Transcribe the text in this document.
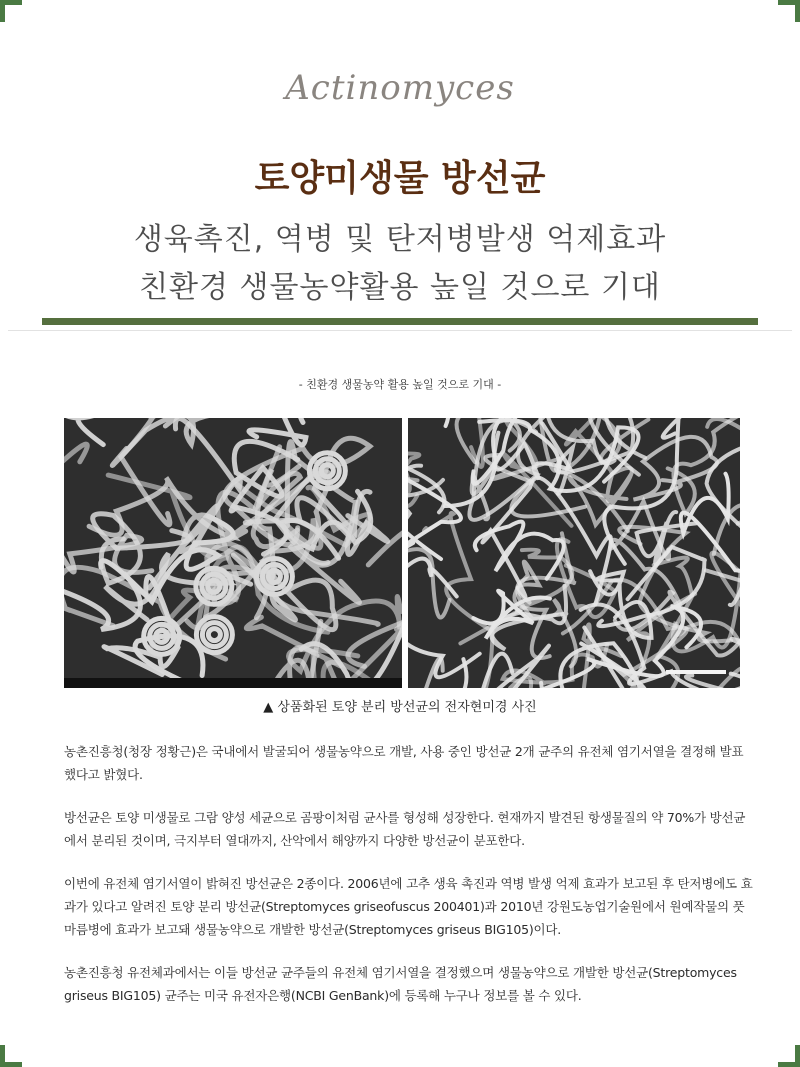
Actinomyces
토양미생물 방선균
생육촉진, 역병 및 탄저병발생 억제효과
친환경 생물농약활용 높일 것으로 기대
- 친환경 생물농약 활용 높일 것으로 기대 -
▲ 상품화된 토양 분리 방선균의 전자현미경 사진

농촌진흥청(청장 정황근)은 국내에서 발굴되어 생물농약으로 개발, 사용 중인 방선균 2개 균주의 유전체 염기서열을 결정해 발표했다고 밝혔다.

방선균은 토양 미생물로 그람 양성 세균으로 곰팡이처럼 균사를 형성해 성장한다. 현재까지 발견된 항생물질의 약 70%가 방선균에서 분리된 것이며, 극지부터 열대까지, 산악에서 해양까지 다양한 방선균이 분포한다.

이번에 유전체 염기서열이 밝혀진 방선균은 2종이다. 2006년에 고추 생육 촉진과 역병 발생 억제 효과가 보고된 후 탄저병에도 효과가 있다고 알려진 토양 분리 방선균(Streptomyces griseofuscus 200401)과 2010년 강원도농업기술원에서 원예작물의 풋마름병에 효과가 보고돼 생물농약으로 개발한 방선균(Streptomyces griseus BIG105)이다.

농촌진흥청 유전체과에서는 이들 방선균 균주들의 유전체 염기서열을 결정했으며 생물농약으로 개발한 방선균(Streptomyces griseus BIG105) 균주는 미국 유전자은행(NCBI GenBank)에 등록해 누구나 정보를 볼 수 있다.
